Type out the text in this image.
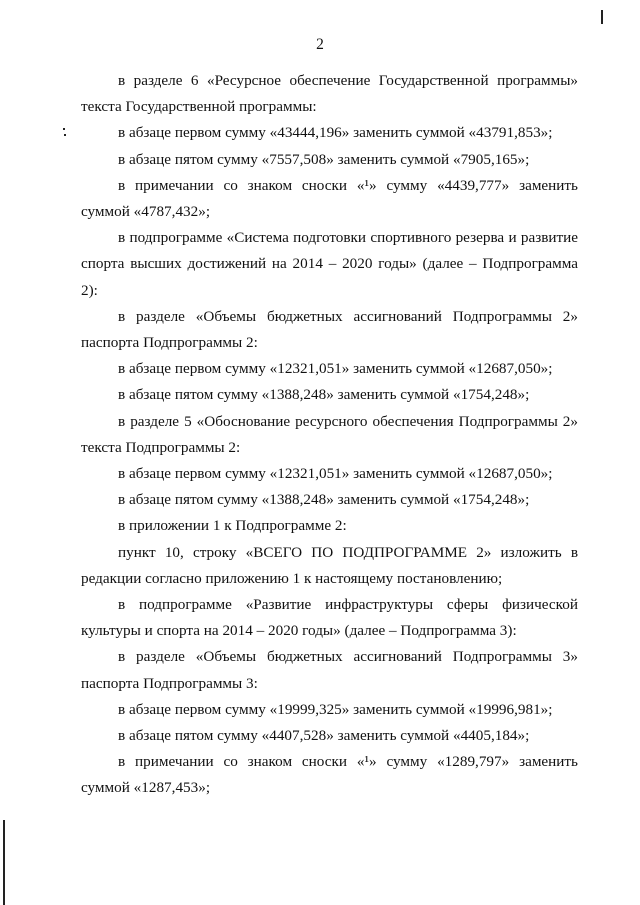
2

в разделе 6 «Ресурсное обеспечение Государственной программы» текста Государственной программы:

в абзаце первом сумму «43444,196» заменить суммой «43791,853»;

в абзаце пятом сумму «7557,508» заменить суммой «7905,165»;

в примечании со знаком сноски «¹» сумму «4439,777» заменить суммой «4787,432»;

в подпрограмме «Система подготовки спортивного резерва и развитие спорта высших достижений на 2014 – 2020 годы» (далее – Подпрограмма 2):

в разделе «Объемы бюджетных ассигнований Подпрограммы 2» паспорта Подпрограммы 2:

в абзаце первом сумму «12321,051» заменить суммой «12687,050»;

в абзаце пятом сумму «1388,248» заменить суммой «1754,248»;

в разделе 5 «Обоснование ресурсного обеспечения Подпрограммы 2» текста Подпрограммы 2:

в абзаце первом сумму «12321,051» заменить суммой «12687,050»;

в абзаце пятом сумму «1388,248» заменить суммой «1754,248»;

в приложении 1 к Подпрограмме 2:

пункт 10, строку «ВСЕГО ПО ПОДПРОГРАММЕ 2» изложить в редакции согласно приложению 1 к настоящему постановлению;

в подпрограмме «Развитие инфраструктуры сферы физической культуры и спорта на 2014 – 2020 годы» (далее – Подпрограмма 3):

в разделе «Объемы бюджетных ассигнований Подпрограммы 3» паспорта Подпрограммы 3:

в абзаце первом сумму «19999,325» заменить суммой «19996,981»;

в абзаце пятом сумму «4407,528» заменить суммой «4405,184»;

в примечании со знаком сноски «¹» сумму «1289,797» заменить суммой «1287,453»;
